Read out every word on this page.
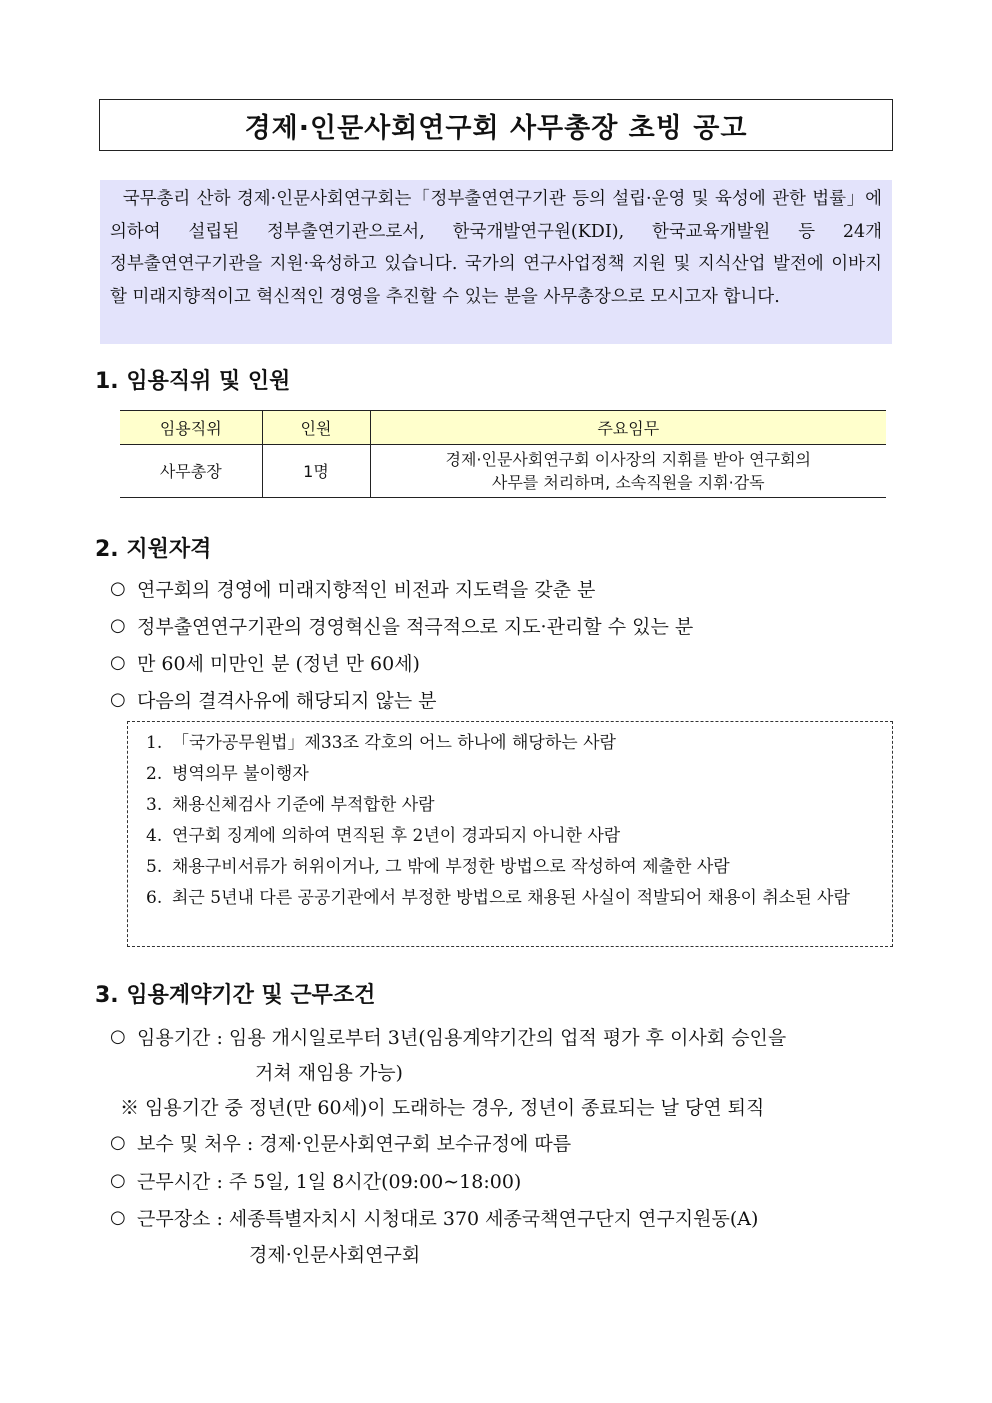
경제·인문사회연구회 사무총장 초빙 공고
국무총리 산하 경제·인문사회연구회는「정부출연연구기관 등의 설립·운영 및 육성에 관한 법률」에 의하여 설립된 정부출연기관으로서, 한국개발연구원(KDI), 한국교육개발원 등 24개 정부출연연구기관을 지원·육성하고 있습니다. 국가의 연구사업정책 지원 및 지식산업 발전에 이바지 할 미래지향적이고 혁신적인 경영을 추진할 수 있는 분을 사무총장으로 모시고자 합니다.
1. 임용직위 및 인원
임용직위	인원	주요임무
사무총장	1명	경제·인문사회연구회 이사장의 지휘를 받아 연구회의
사무를 처리하며, 소속직원을 지휘·감독
2. 지원자격
○ 연구회의 경영에 미래지향적인 비전과 지도력을 갖춘 분
○ 정부출연연구기관의 경영혁신을 적극적으로 지도·관리할 수 있는 분
○ 만 60세 미만인 분 (정년 만 60세)
○ 다음의 결격사유에 해당되지 않는 분
1. 「국가공무원법」제33조 각호의 어느 하나에 해당하는 사람
2. 병역의무 불이행자
3. 채용신체검사 기준에 부적합한 사람
4. 연구회 징계에 의하여 면직된 후 2년이 경과되지 아니한 사람
5. 채용구비서류가 허위이거나, 그 밖에 부정한 방법으로 작성하여 제출한 사람
6. 최근 5년내 다른 공공기관에서 부정한 방법으로 채용된 사실이 적발되어 채용이 취소된 사람
3. 임용계약기간 및 근무조건
○ 임용기간 : 임용 개시일로부터 3년(임용계약기간의 업적 평가 후 이사회 승인을
거쳐 재임용 가능)
※ 임용기간 중 정년(만 60세)이 도래하는 경우, 정년이 종료되는 날 당연 퇴직
○ 보수 및 처우 : 경제·인문사회연구회 보수규정에 따름
○ 근무시간 : 주 5일, 1일 8시간(09:00∼18:00)
○ 근무장소 : 세종특별자치시 시청대로 370 세종국책연구단지 연구지원동(A)
경제·인문사회연구회
